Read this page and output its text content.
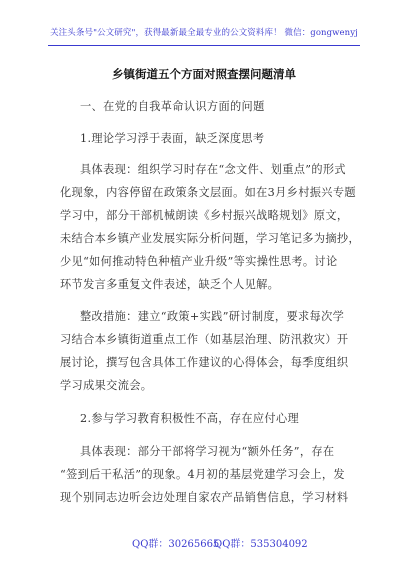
关注头条号"公文研究"，获得最新最全最专业的公文资料库！ 微信：gongwenyj
乡镇街道五个方面对照查摆问题清单
一、在党的自我革命认识方面的问题
1.理论学习浮于表面，缺乏深度思考
具体表现：组织学习时存在“念文件、划重点”的形式
化现象，内容停留在政策条文层面。如在3月乡村振兴专题
学习中，部分干部机械朗读《乡村振兴战略规划》原文，
未结合本乡镇产业发展实际分析问题，学习笔记多为摘抄，
少见“如何推动特色种植产业升级”等实操性思考。讨论
环节发言多重复文件表述，缺乏个人见解。
整改措施：建立“政策+实践”研讨制度，要求每次学
习结合本乡镇街道重点工作（如基层治理、防汛救灾）开
展讨论，撰写包含具体工作建议的心得体会，每季度组织
学习成果交流会。
2.参与学习教育积极性不高，存在应付心理
具体表现：部分干部将学习视为“额外任务”，存在
“签到后干私活”的现象。4月初的基层党建学习会上，发
现个别同志边听会边处理自家农产品销售信息，学习材料
QQ群：30265665
QQ群：535304092
